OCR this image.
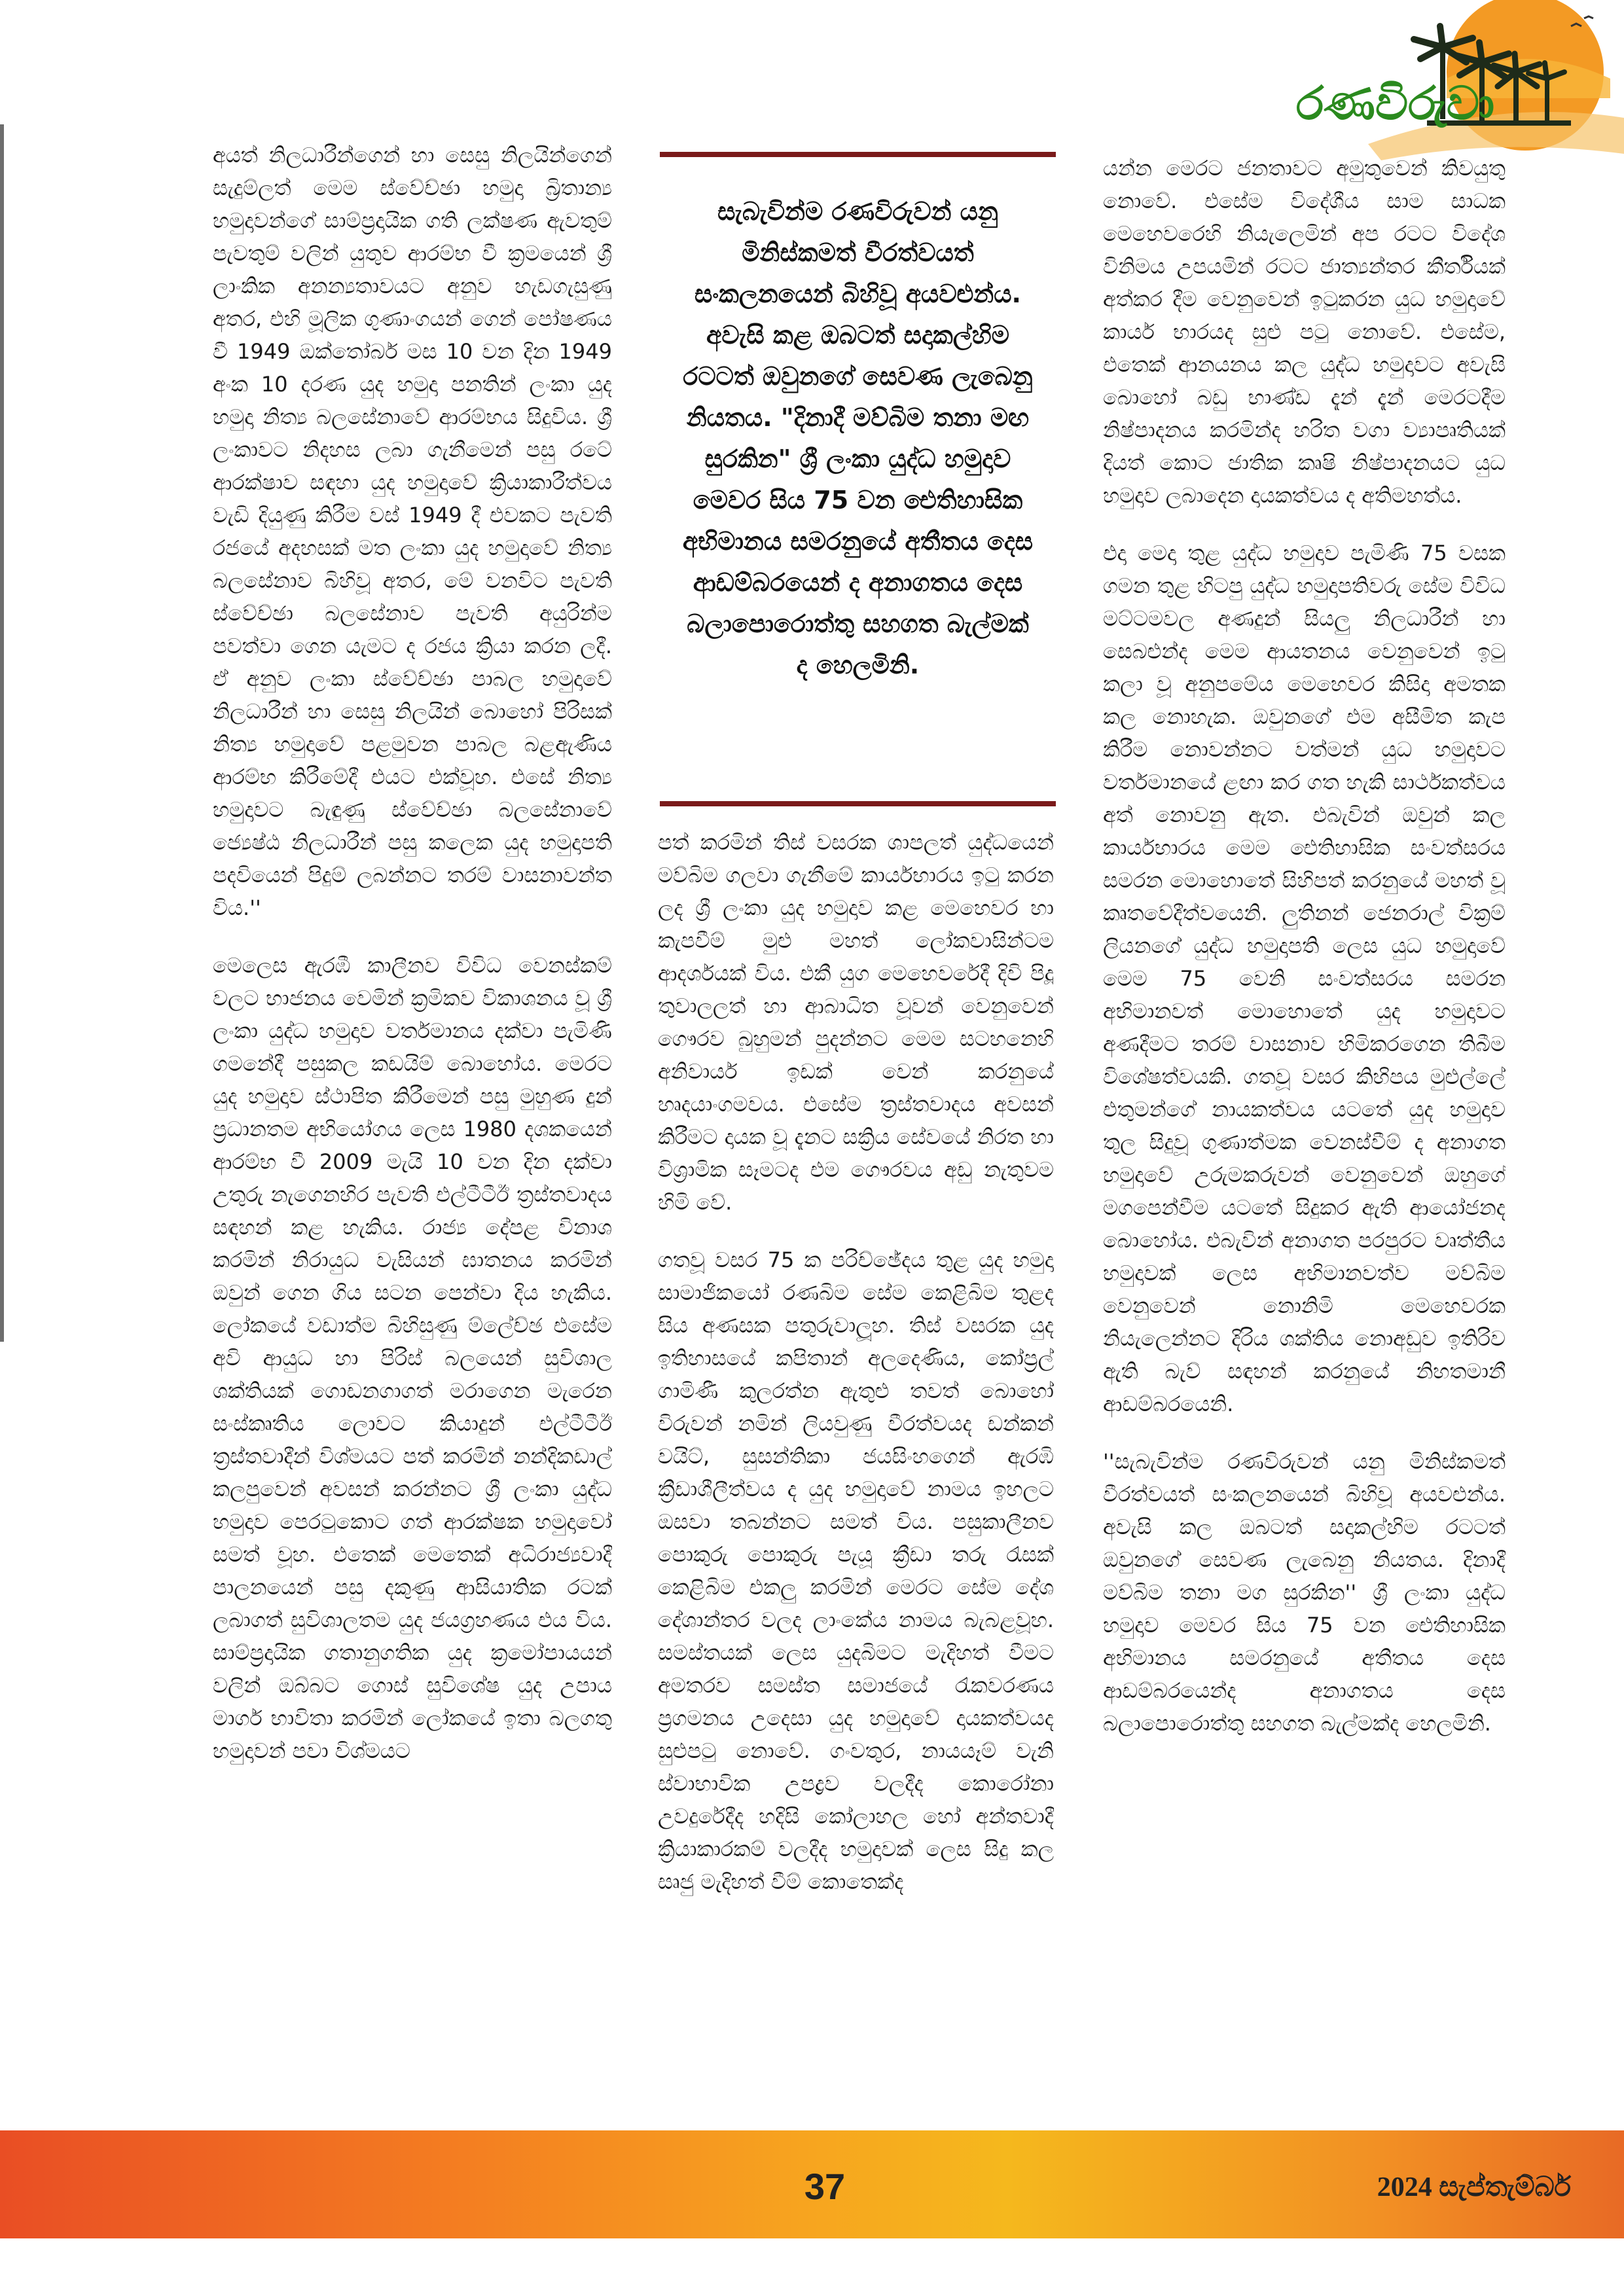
රණවිරුවා

අයත් නිලධාරීන්ගෙන් හා සෙසු නිලයින්ගෙන් සැදුම්ලත් මෙම ස්වේච්ඡා හමුදා බ්‍රිතාන්‍ය හමුදාවන්ගේ සාම්ප්‍රදායික ගති ලක්ෂණ ඇවතුම් පැවතුම් වලින් යුතුව ආරම්භ වී ක්‍රමයෙන් ශ්‍රී ලාංකික අනන්‍යතාවයට අනුව හැඩගැසුණු අතර, එහි මූලික ගුණාංගයන් ගෙන් පෝෂණය වී 1949 ඔක්තෝබර් මස 10 වන දින 1949 අංක 10 දරණ යුද හමුදා පනතින් ලංකා යුද හමුදා නිත්‍ය බලසේනාවේ ආරම්භය සිදුවිය. ශ්‍රී ලංකාවට නිදහස ලබා ගැනීමෙන් පසු රටේ ආරක්ෂාව සඳහා යුද හමුදාවේ ක්‍රියාකාරීත්වය වැඩි දියුණු කිරීම වස් 1949 දී එවකට පැවති රජයේ අදහසක් මත ලංකා යුද හමුදාවේ නිත්‍ය බලසේනාව බිහිවූ අතර, මේ වනවිට පැවති ස්වේච්ඡා බලසේනාව පැවති අයුරින්ම පවත්වා ගෙන යැමට ද රජය ක්‍රියා කරන ලදී. ඒ අනුව ලංකා ස්වේච්ඡා පාබල හමුදාවේ නිලධාරීන් හා සෙසු නිලයින් බොහෝ පිරිසක් නිත්‍ය හමුදාවේ පළමුවන පාබල බළඇණිය ආරම්භ කිරීමේදී එයට එක්වූහ. එසේ නිත්‍ය හමුදාවට බැඳුණු ස්වේච්ඡා බලසේනාවේ ජ්‍යෙෂ්ඨ නිලධාරීන් පසු කලෙක යුද හමුදාපති පදවියෙන් පිදුම් ලබන්නට තරම් වාසනාවන්ත විය.''

මෙලෙස ඇරඹී කාලීනව විවිධ වෙනස්කම් වලට භාජනය වෙමින් ක්‍රමිකව විකාශනය වූ ශ්‍රී ලංකා යුද්ධ හමුදාව වර්තමානය දක්වා පැමිණි ගමනේදී පසුකල කඩයිම් බොහෝය. මෙරට යුද හමුදාව ස්ථාපිත කිරීමෙන් පසු මුහුණ දුන් ප්‍රධානතම අභියෝගය ලෙස 1980 දශකයෙන් ආරම්භ වී 2009 මැයි 10 වන දින දක්වා උතුරු නැගෙනහිර පැවති එල්ටීටීඊ ත්‍රස්තවාදය සඳහන් කළ හැකිය. රාජ්‍ය දේපළ විනාශ කරමින් නිරායුධ වැසියන් ඝාතනය කරමින් ඔවුන් ගෙන ගිය සටන පෙන්වා දිය හැකිය. ලෝකයේ වඩාත්ම බිහිසුණු ම්ලේච්ඡ එසේම අවි ආයුධ හා පිරිස් බලයෙන් සුවිශාල ශක්තියක් ගොඩනගාගත් මරාගෙන මැරෙන සංස්කෘතිය ලොවට කියාදුන් එල්ටීටීඊ ත්‍රස්තවාදීන් විශ්මයට පත් කරමින් නන්දිකඩාල් කලපුවෙන් අවසන් කරන්නට ශ්‍රී ලංකා යුද්ධ හමුදාව පෙරටුකොට ගත් ආරක්ෂක හමුදාවෝ සමත් වූහ. එතෙක් මෙතෙක් අධිරාජ්‍යවාදී පාලනයෙන් පසු දකුණු ආසියාතික රටක් ලබාගත් සුවිශාලතම යුද ජයග්‍රහණය එය විය. සාම්ප්‍රදායික ගතානුගතික යුද ක්‍රමෝපායයන් වලින් ඔබ්බට ගොස් සුවිශේෂ යුද උපාය මාර්ග භාවිතා කරමින් ලෝකයේ ඉතා බලගතු හමුදාවන් පවා විශ්මයට

සැබැවින්ම රණවිරුවන් යනු මිනිස්කමත් වීරත්වයත් සංකලනයෙන් බිහිවූ අයවළුන්ය. අවැසි කළ ඔබටත් සදාකල්හිම රටටත් ඔවුනගේ සෙවණ ලැබෙනු නියතය. "දිනාදී මව්බිම තනා මඟ සුරකින" ශ්‍රී ලංකා යුද්ධ හමුදාව මෙවර සිය 75 වන ඓතිහාසික අභිමානය සමරනුයේ අතීතය දෙස ආඩම්බරයෙන් ද අනාගතය දෙස බලාපොරොත්තු සහගත බැල්මක් ද හෙලමිනි.

පත් කරමින් තිස් වසරක ශාපලත් යුද්ධයෙන් මව්බිම ගලවා ගැනීමේ කාර්යභාරය ඉටු කරන ලද ශ්‍රී ලංකා යුද හමුදාව කළ මෙහෙවර හා කැපවීම් මුළු මහත් ලෝකවාසින්ටම ආදර්ශයක් විය. එකී යුග මෙහෙවරේදී දිවි පිදූ තුවාලලත් හා ආබාධිත වූවන් වෙනුවෙන් ගෞරව බුහුමන් පුදන්නට මෙම සටහනෙහි අනිවාර්ය ඉඩක් වෙන් කරනුයේ හෘදයාංගමවය. එසේම ත්‍රස්තවාදය අවසන් කිරීමට දායක වූ දැනට සක්‍රිය සේවයේ නිරත හා විශ්‍රාමික සෑමටද එම ගෞරවය අඩු නැතුවම හිමි වේ.

ගතවූ වසර 75 ක පරිච්ඡේදය තුළ යුද හමුදා සාමාජිකයෝ රණබිම සේම කෙළිබිම තුළද සිය අණසක පතුරුවාලූහ. තිස් වසරක යුද ඉතිහාසයේ කපිතාන් අලදෙණිය, කෝප්‍රල් ගාමිණී කුලරත්න ඇතුළු තවත් බොහෝ විරුවන් නමින් ලියවුණු වීරත්වයද ඩන්කන් වයිට්, සුසන්තිකා ජයසිංහගෙන් ඇරඹි ක්‍රීඩාශීලීත්වය ද යුද හමුදාවේ නාමය ඉහලට ඔසවා තබන්නට සමත් විය. පසුකාලීනව පොකුරු පොකුරු පැයූ ක්‍රීඩා තරු රැසක් කෙළිබිම එකලු කරමින් මෙරට සේම දේශ දේශාන්තර වලද ලාංකේය නාමය බැබළවූහ. සමස්තයක් ලෙස යුදබිමට මැදිහත් වීමට අමතරව සමස්ත සමාජයේ රැකවරණය ප්‍රගමනය උදෙසා යුද හමුදාවේ දායකත්වයද සුළුපටු නොවේ. ගංවතුර, නායයෑම් වැනි ස්වාභාවික උපද්‍රව වලදීද කොරෝනා උවදුරේදීද හදිසි කෝලාහල හෝ අන්තවාදී ක්‍රියාකාරකම් වලදීද හමුදාවක් ලෙස සිදු කල සෘජු මැදිහත් වීම් කොතෙක්ද

යන්න මෙරට ජනතාවට අමුතුවෙන් කිවයුතු නොවේ. එසේම විදේශීය සාම සාධක මෙහෙවරෙහි නියැලෙමින් අප රටට විදේශ විනිමය උපයමින් රටට ජාත්‍යන්තර කීර්තියක් අත්කර දීම වෙනුවෙන් ඉටුකරන යුධ හමුදාවේ කාර්ය භාරයද සුළු පටු නොවේ. එසේම, එතෙක් ආනයනය කල යුද්ධ හමුදාවට අවැසි බොහෝ බඩු භාණ්ඩ දැන් දැන් මෙරටදීම නිෂ්පාදනය කරමින්ද හරිත වගා ව්‍යාපෘතියක් දියත් කොට ජාතික කෘෂි නිෂ්පාදනයට යුධ හමුදාව ලබාදෙන දායකත්වය ද අතිමහත්ය.

එදා මෙදා තුළ යුද්ධ හමුදාව පැමිණි 75 වසක ගමන තුළ හිටපු යුද්ධ හමුදාපතිවරු සේම විවිධ මට්ටමවල අණදුන් සියලු නිලධාරීන් හා සෙබළුන්ද මෙම ආයතනය වෙනුවෙන් ඉටු කලා වූ අනුපමේය මෙහෙවර කිසිදා අමතක කල නොහැක. ඔවුනගේ එම අසීමිත කැප කිරීම නොවන්නට වත්මන් යුධ හමුදාවට වර්තමානයේ ළඟා කර ගත හැකි සාර්ථකත්වය අත් නොවනු ඇත. එබැවින් ඔවුන් කල කාර්යභාරය මෙම ඓතිහාසික සංවත්සරය සමරන මොහොතේ සිහිපත් කරනුයේ මහත් වූ කෘතවේදීත්වයෙනි. ලුතිනන් ජෙනරාල් වික්‍රම් ලියනගේ යුද්ධ හමුදාපති ලෙස යුධ හමුදාවේ මෙම 75 වෙනි සංවත්සරය සමරන අභිමානවත් මොහොතේ යුද හමුදාවට අණදීමට තරම් වාසනාව හිමිකරගෙන තිබීම විශේෂත්වයකි. ගතවූ වසර කිහිපය මුළුල්ලේ එතුමන්ගේ නායකත්වය යටතේ යුද හමුදාව තුල සිදුවූ ගුණාත්මක වෙනස්වීම් ද අනාගත හමුදාවේ උරුමකරුවන් වෙනුවෙන් ඔහුගේ මගපෙන්වීම යටතේ සිදුකර ඇති ආයෝජනද බොහෝය. එබැවින් අනාගත පරපුරට වෘත්තීය හමුදාවක් ලෙස අභිමානවත්ව මව්බිම වෙනුවෙන් නොනිමි මෙහෙවරක නියැලෙන්නට දිරිය ශක්තිය නොඅඩුව ඉතිරිව ඇති බැව් සඳහන් කරනුයේ නිහතමානී ආඩම්බරයෙනි.

''සැබැවින්ම රණවිරුවන් යනු මිනිස්කමත් වීරත්වයත් සංකලනයෙන් බිහිවූ අයවළුන්ය. අවැසි කල ඔබටත් සදාකල්හිම රටටත් ඔවුනගේ සෙවණ ලැබෙනු නියතය. දිනාදී මව්බිම තනා මග සුරකින'' ශ්‍රී ලංකා යුද්ධ හමුදාව මෙවර සිය 75 වන ඓතිහාසික අභිමානය සමරනුයේ අතීතය දෙස ආඩම්බරයෙන්ද අනාගතය දෙස බලාපොරොත්තු සහගත බැල්මක්ද හෙලමිනි.

37	2024 සැප්තැම්බර්
